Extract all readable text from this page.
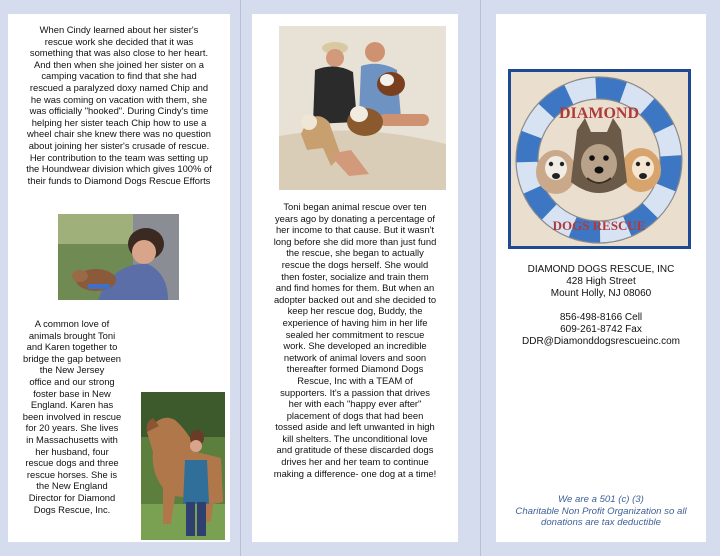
When Cindy learned about her sister's
rescue work she decided that it was
something that was also close to her heart.
And then when she joined her sister on a
camping vacation to find that she had
rescued a paralyzed doxy named Chip and
he was coming on vacation with them, she
was officially "hooked". During Cindy's time
helping her sister teach Chip how to use a
wheel chair she knew there was no question
about joining her sister's crusade of rescue.
Her contribution to the team was setting up
the Houndwear division which gives 100% of
their funds to Diamond Dogs Rescue Efforts

A common love of
animals brought Toni
and Karen together to
bridge the gap between
the New Jersey
office and our strong
foster base in New
England. Karen has
been involved in rescue
for 20 years. She lives
in Massachusetts with
her husband, four
rescue dogs and three
rescue horses. She is
the New England
Director for Diamond
Dogs Rescue, Inc.

Toni began animal rescue over ten
years ago by donating a percentage of
her income to that cause. But it wasn't
long before she did more than just fund
the rescue, she began to actually
rescue the dogs herself. She would
then foster, socialize and train them
and find homes for them. But when an
adopter backed out and she decided to
keep her rescue dog, Buddy, the
experience of having him in her life
sealed her commitment to rescue
work. She developed an incredible
network of animal lovers and soon
thereafter formed Diamond Dogs
Rescue, Inc with a TEAM of
supporters. It's a passion that drives
her with each "happy ever after"
placement of dogs that had been
tossed aside and left unwanted in high
kill shelters. The unconditional love
and gratitude of these discarded dogs
drives her and her team to continue
making a difference- one dog at a time!

DIAMOND
DOGS RESCUE

DIAMOND DOGS RESCUE, INC
428 High Street
Mount Holly, NJ 08060

856-498-8166 Cell
609-261-8742 Fax
DDR@Diamonddogsrescueinc.com

We are a 501 (c) (3)
Charitable Non Profit Organization so all
donations are tax deductible
